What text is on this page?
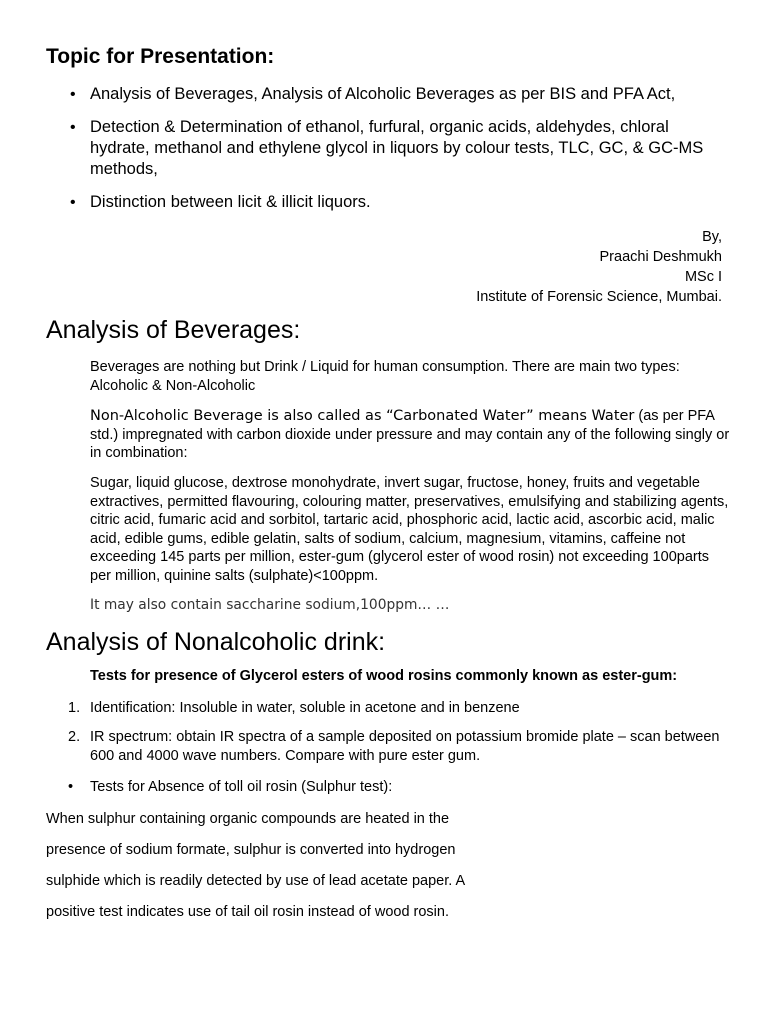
Topic for Presentation:
• Analysis of Beverages, Analysis of Alcoholic Beverages as per BIS and PFA Act,
• Detection & Determination of ethanol, furfural, organic acids, aldehydes, chloral hydrate, methanol and ethylene glycol in liquors by colour tests, TLC, GC, & GC-MS methods,
• Distinction between licit & illicit liquors.
By,
Praachi Deshmukh
MSc I
Institute of Forensic Science, Mumbai.
Analysis of Beverages:

Beverages are nothing but Drink / Liquid for human consumption. There are main two types: Alcoholic & Non-Alcoholic

Non-Alcoholic Beverage is also called as “Carbonated Water” means Water (as per PFA std.) impregnated with carbon dioxide under pressure and may contain any of the following singly or in combination:

Sugar, liquid glucose, dextrose monohydrate, invert sugar, fructose, honey, fruits and vegetable extractives, permitted flavouring, colouring matter, preservatives, emulsifying and stabilizing agents, citric acid, fumaric acid and sorbitol, tartaric acid, phosphoric acid, lactic acid, ascorbic acid, malic acid, edible gums, edible gelatin, salts of sodium, calcium, magnesium, vitamins, caffeine not exceeding 145 parts per million, ester-gum (glycerol ester of wood rosin) not exceeding 100parts per million, quinine salts (sulphate)<100ppm.

It may also contain saccharine sodium,100ppm… …

Analysis of Nonalcoholic drink:
Tests for presence of Glycerol esters of wood rosins commonly known as ester-gum:
1. Identification: Insoluble in water, soluble in acetone and in benzene
2. IR spectrum: obtain IR spectra of a sample deposited on potassium bromide plate – scan between 600 and 4000 wave numbers. Compare with pure ester gum.
• Tests for Absence of toll oil rosin (Sulphur test):

When sulphur containing organic compounds are heated in the

presence of sodium formate, sulphur is converted into hydrogen

sulphide which is readily detected by use of lead acetate paper. A

positive test indicates use of tail oil rosin instead of wood rosin.
